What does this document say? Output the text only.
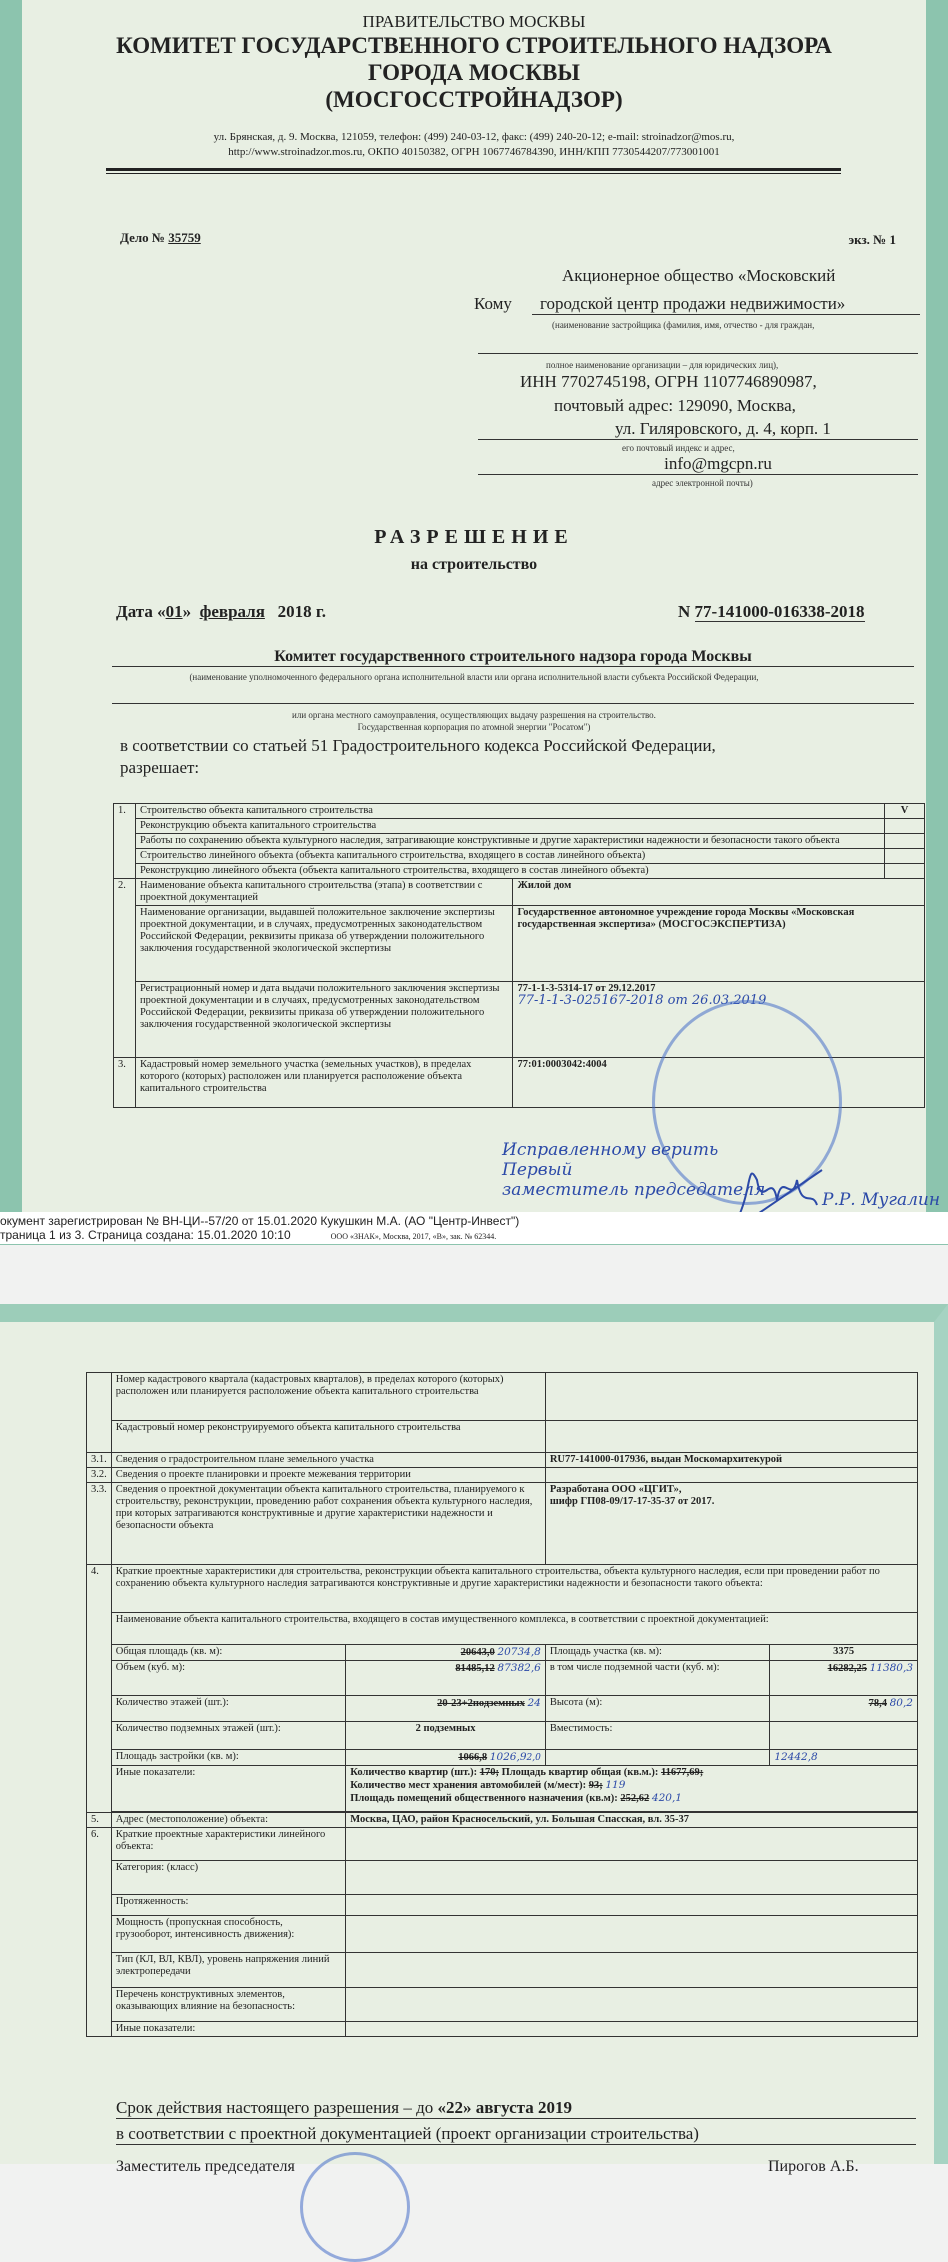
ПРАВИТЕЛЬСТВО МОСКВЫ
КОМИТЕТ ГОСУДАРСТВЕННОГО СТРОИТЕЛЬНОГО НАДЗОРА
ГОРОДА МОСКВЫ
(МОСГОССТРОЙНАДЗОР)
ул. Брянская, д. 9. Москва, 121059, телефон: (499) 240-03-12, факс: (499) 240-20-12; e-mail: stroinadzor@mos.ru,
http://www.stroinadzor.mos.ru, ОКПО 40150382, ОГРН 1067746784390, ИНН/КПП 7730544207/773001001
Дело № 35759	экз. № 1
Акционерное общество «Московский
Кому	городской центр продажи недвижимости»
(наименование застройщика (фамилия, имя, отчество - для граждан,
полное наименование организации – для юридических лиц),
ИНН 7702745198, ОГРН 1107746890987,
почтовый адрес: 129090, Москва,
ул. Гиляровского, д. 4, корп. 1
его почтовый индекс и адрес,
info@mgcpn.ru
адрес электронной почты)
РАЗРЕШЕНИЕ
на строительство
Дата «01» февраля 2018 г.	N 77-141000-016338-2018
Комитет государственного строительного надзора города Москвы
(наименование уполномоченного федерального органа исполнительной власти или органа исполнительной власти субъекта Российской Федерации,
или органа местного самоуправления, осуществляющих выдачу разрешения на строительство.
Государственная корпорация по атомной энергии "Росатом")
в соответствии со статьей 51 Градостроительного кодекса Российской Федерации,
разрешает:
1.	Строительство объекта капитального строительства		V
	Реконструкцию объекта капитального строительства		
	Работы по сохранению объекта культурного наследия, затрагивающие конструктивные и другие характеристики надежности и безопасности такого объекта		
	Строительство линейного объекта (объекта капитального строительства, входящего в состав линейного объекта)		
	Реконструкцию линейного объекта (объекта капитального строительства, входящего в состав линейного объекта)		
2.	Наименование объекта капитального строительства (этапа) в соответствии с проектной документацией	Жилой дом	
	Наименование организации, выдавшей положительное заключение экспертизы проектной документации, и в случаях, предусмотренных законодательством Российской Федерации, реквизиты приказа об утверждении положительного заключения государственной экологической экспертизы	Государственное автономное учреждение города Москвы «Московская государственная экспертиза» (МОСГОСЭКСПЕРТИЗА)	
	Регистрационный номер и дата выдачи положительного заключения экспертизы проектной документации и в случаях, предусмотренных законодательством Российской Федерации, реквизиты приказа об утверждении положительного заключения государственной экологической экспертизы	77-1-1-3-5314-17 от 29.12.2017
77-1-1-3-025167-2018 от 26.03.2019	

3.	Кадастровый номер земельного участка (земельных участков), в пределах которого (которых) расположен или планируется расположение объекта капитального строительства	77:01:0003042:4004	
Исправленному верить
Первый
заместитель председателя	Р.Р. Мугалин
окумент зарегистрирован № ВН-ЦИ--57/20 от 15.01.2020 Кукушкин М.А. (АО "Центр-Инвест")
траница 1 из 3. Страница создана: 15.01.2020 10:10	ООО «ЗНАК», Москва, 2017, «В», зак. № 62344.
	Номер кадастрового квартала (кадастровых кварталов), в пределах которого (которых) расположен или планируется расположение объекта капитального строительства			
	Кадастровый номер реконструируемого объекта капитального строительства			
3.1.	Сведения о градостроительном плане земельного участка		RU77-141000-017936, выдан Москомархитекурой	
3.2.	Сведения о проекте планировки и проекте межевания территории			
3.3.	Сведения о проектной документации объекта капитального строительства, планируемого к строительству, реконструкции, проведению работ сохранения объекта культурного наследия, при которых затрагиваются конструктивные и другие характеристики надежности и безопасности объекта		Разработана ООО «ЦГИТ»,
шифр ГП08-09/17-17-35-37 от 2017.	

4.	Краткие проектные характеристики для строительства, реконструкции объекта капитального строительства, объекта культурного наследия, если при проведении работ по сохранению объекта культурного наследия затрагиваются конструктивные и другие характеристики надежности и безопасности такого объекта:			
	Наименование объекта капитального строительства, входящего в состав имущественного комплекса, в соответствии с проектной документацией:			
	Общая площадь (кв. м):	20643,0 20734,8	Площадь участка (кв. м):	3375
	Объем (куб. м):	81485,12 87382,6	в том числе подземной части (куб. м):	16282,25 11380,3
	Количество этажей (шт.):	20-23+2подземных 24	Высота (м):	78,4 80,2
	Количество подземных этажей (шт.):	2 подземных	Вместимость:	
	Площадь застройки (кв. м):	1066,8 1026,92,0		12442,8
	Иные показатели:	Количество квартир (шт.): 170; Площадь квартир общая (кв.м.): 11677,69;
Количество мест хранения автомобилей (м/мест): 93; 119
Площадь помещений общественного назначения (кв.м): 252,62 420,1		

5.	Адрес (местоположение) объекта:	Москва, ЦАО, район Красносельский, ул. Большая Спасская, вл. 35-37		
6.	Краткие проектные характеристики линейного объекта:			
	Категория: (класс)			
	Протяженность:			
	Мощность (пропускная способность, грузооборот, интенсивность движения):			
	Тип (КЛ, ВЛ, КВЛ), уровень напряжения линий электропередачи			
	Перечень конструктивных элементов, оказывающих влияние на безопасность:			
	Иные показатели:			
Срок действия настоящего разрешения – до «22» августа 2019
в соответствии с проектной документацией (проект организации строительства)
Заместитель председателя	Пирогов А.Б.
